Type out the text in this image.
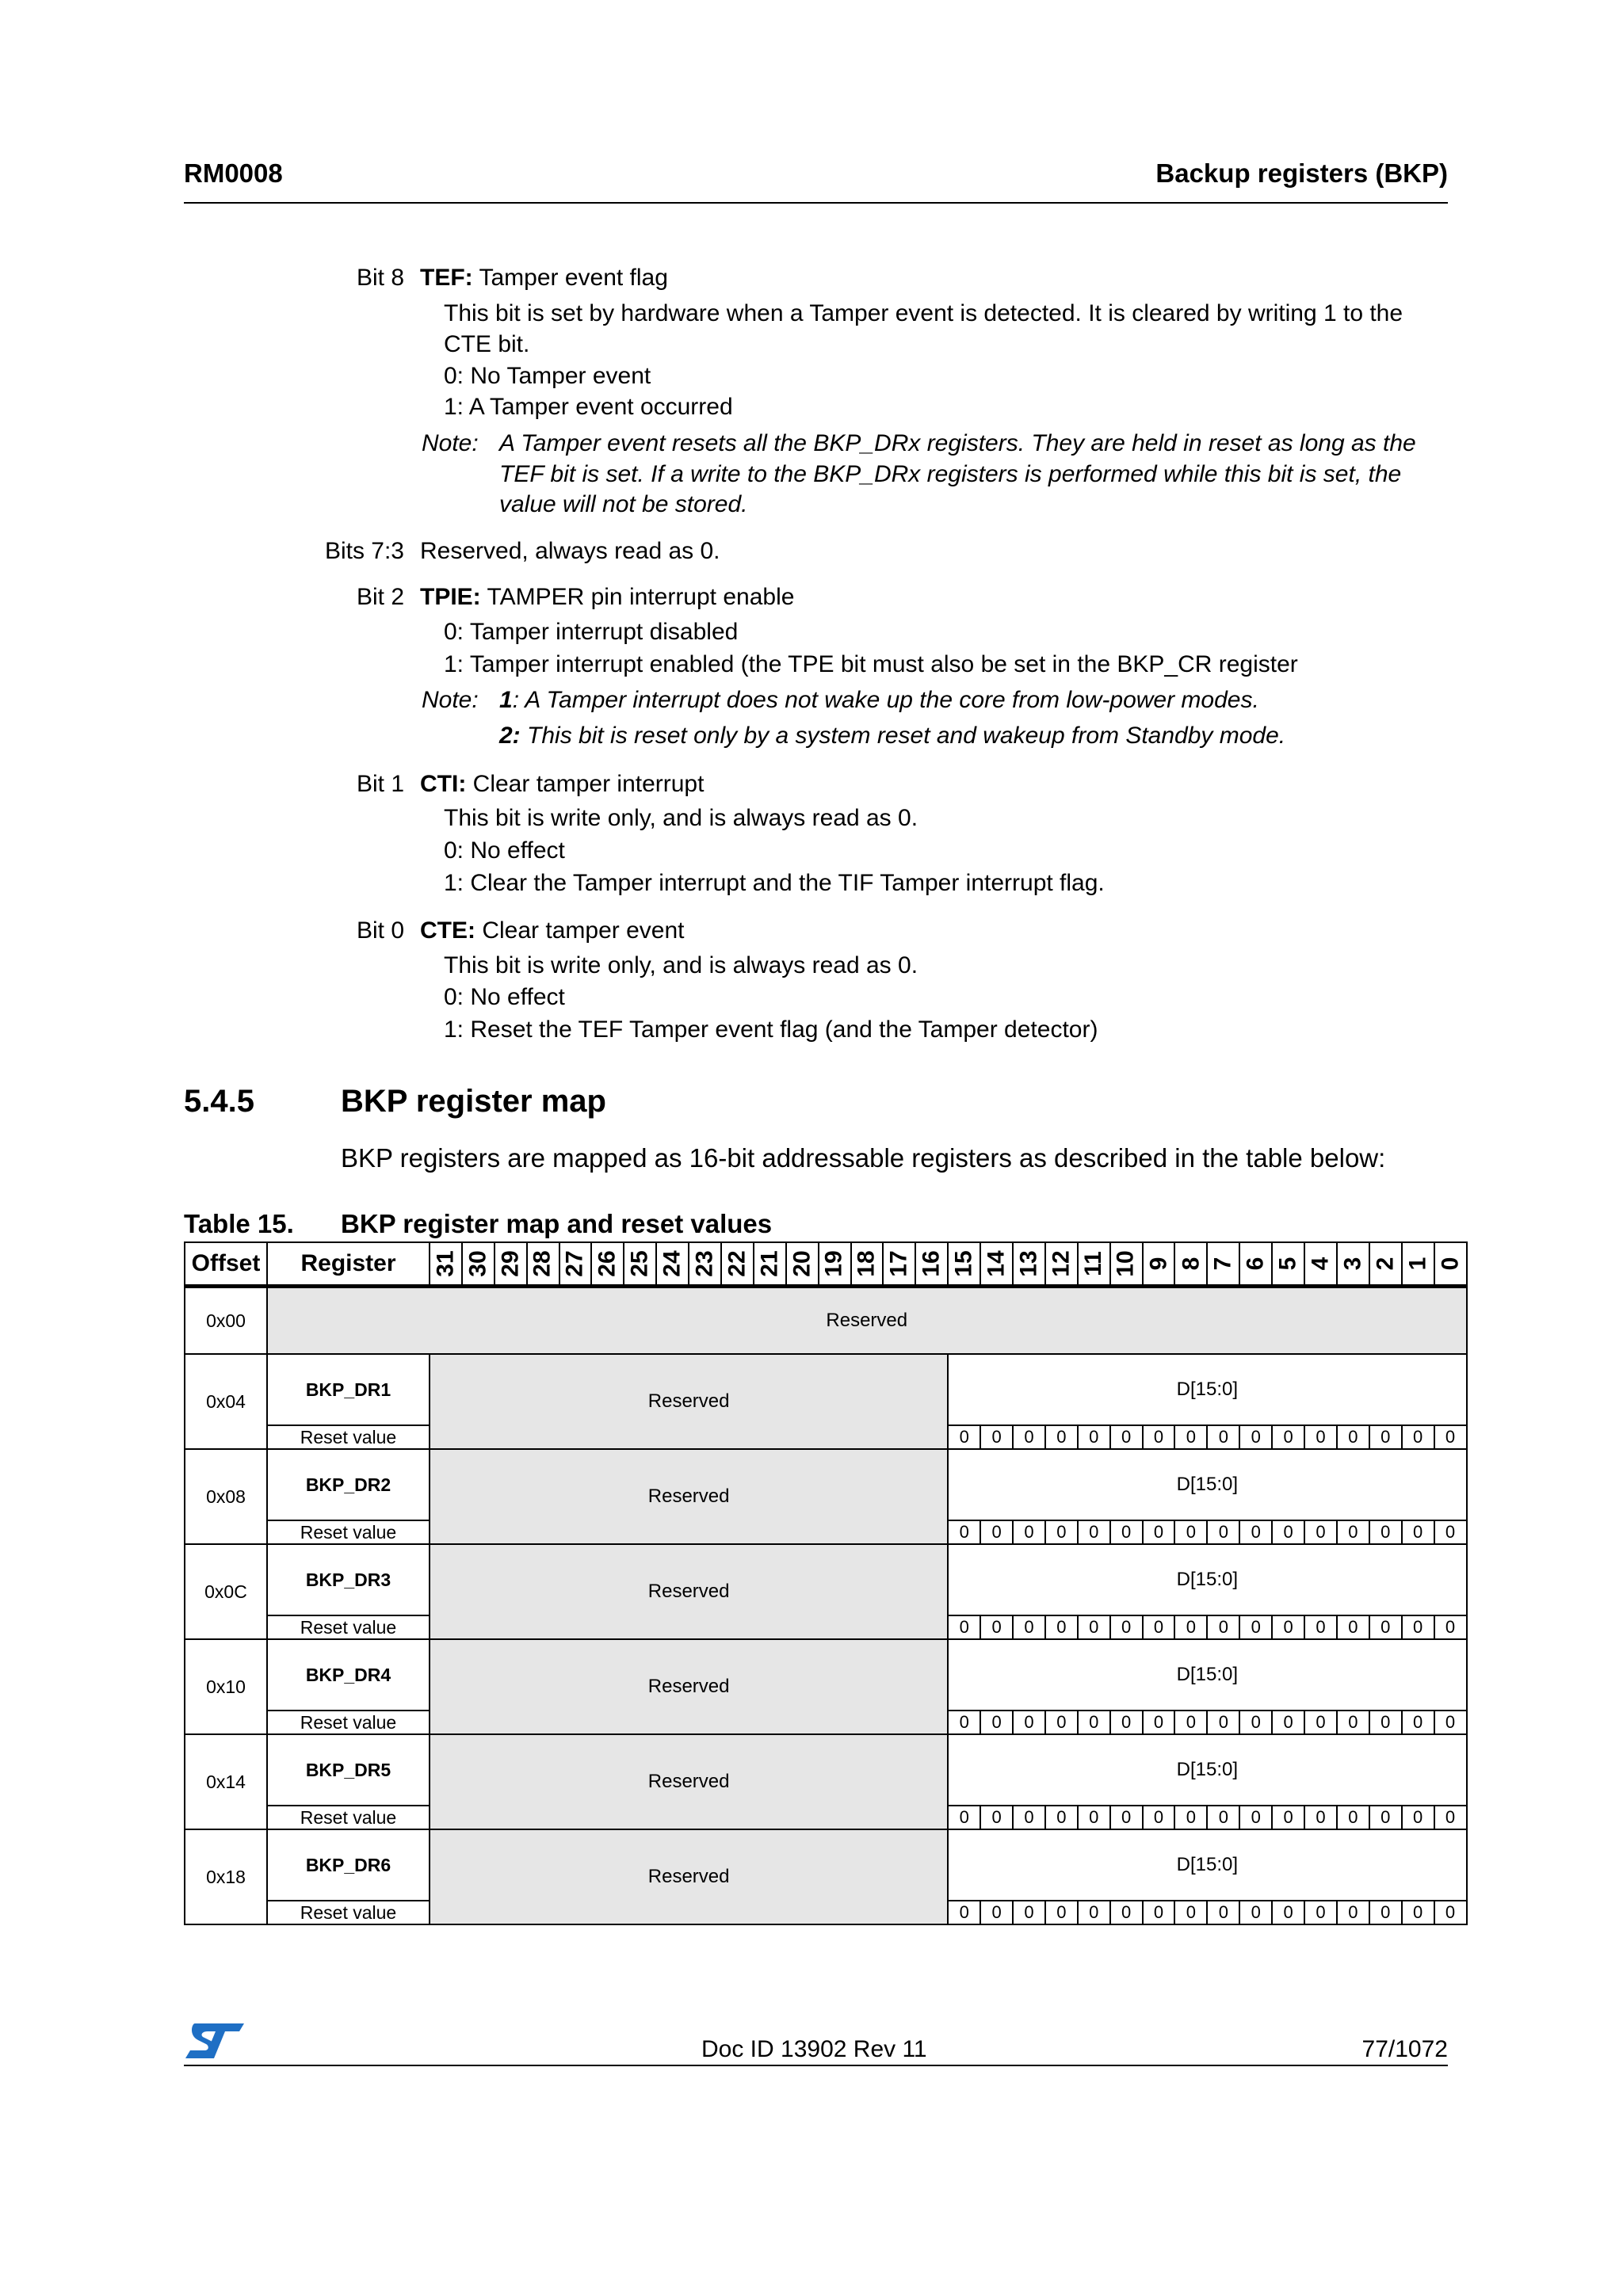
RM0008	Backup registers (BKP)
Bit 8 TEF: Tamper event flag
This bit is set by hardware when a Tamper event is detected. It is cleared by writing 1 to the
CTE bit.
0: No Tamper event
1: A Tamper event occurred
Note: A Tamper event resets all the BKP_DRx registers. They are held in reset as long as the
TEF bit is set. If a write to the BKP_DRx registers is performed while this bit is set, the
value will not be stored.
Bits 7:3 Reserved, always read as 0.
Bit 2 TPIE: TAMPER pin interrupt enable
0: Tamper interrupt disabled
1: Tamper interrupt enabled (the TPE bit must also be set in the BKP_CR register
Note: 1: A Tamper interrupt does not wake up the core from low-power modes.
2: This bit is reset only by a system reset and wakeup from Standby mode.
Bit 1 CTI: Clear tamper interrupt
This bit is write only, and is always read as 0.
0: No effect
1: Clear the Tamper interrupt and the TIF Tamper interrupt flag.
Bit 0 CTE: Clear tamper event
This bit is write only, and is always read as 0.
0: No effect
1: Reset the TEF Tamper event flag (and the Tamper detector)
5.4.5	BKP register map
BKP registers are mapped as 16-bit addressable registers as described in the table below:
Table 15. BKP register map and reset values
Offset	Register	31	30	29	28	27	26	25	24	23	22	21	20	19	18	17	16	15	14	13	12	11	10	9	8	7	6	5	4	3	2	1	0
0x00	Reserved																																
0x04	BKP_DR1	Reserved																D[15:0]															
	Reset value																	0	0	0	0	0	0	0	0	0	0	0	0	0	0	0	0
0x08	BKP_DR2	Reserved																D[15:0]															
	Reset value																	0	0	0	0	0	0	0	0	0	0	0	0	0	0	0	0
0x0C	BKP_DR3	Reserved																D[15:0]															
	Reset value																	0	0	0	0	0	0	0	0	0	0	0	0	0	0	0	0
0x10	BKP_DR4	Reserved																D[15:0]															
	Reset value																	0	0	0	0	0	0	0	0	0	0	0	0	0	0	0	0
0x14	BKP_DR5	Reserved																D[15:0]															
	Reset value																	0	0	0	0	0	0	0	0	0	0	0	0	0	0	0	0
0x18	BKP_DR6	Reserved																D[15:0]															
	Reset value																	0	0	0	0	0	0	0	0	0	0	0	0	0	0	0	0
Doc ID 13902 Rev 11	77/1072
